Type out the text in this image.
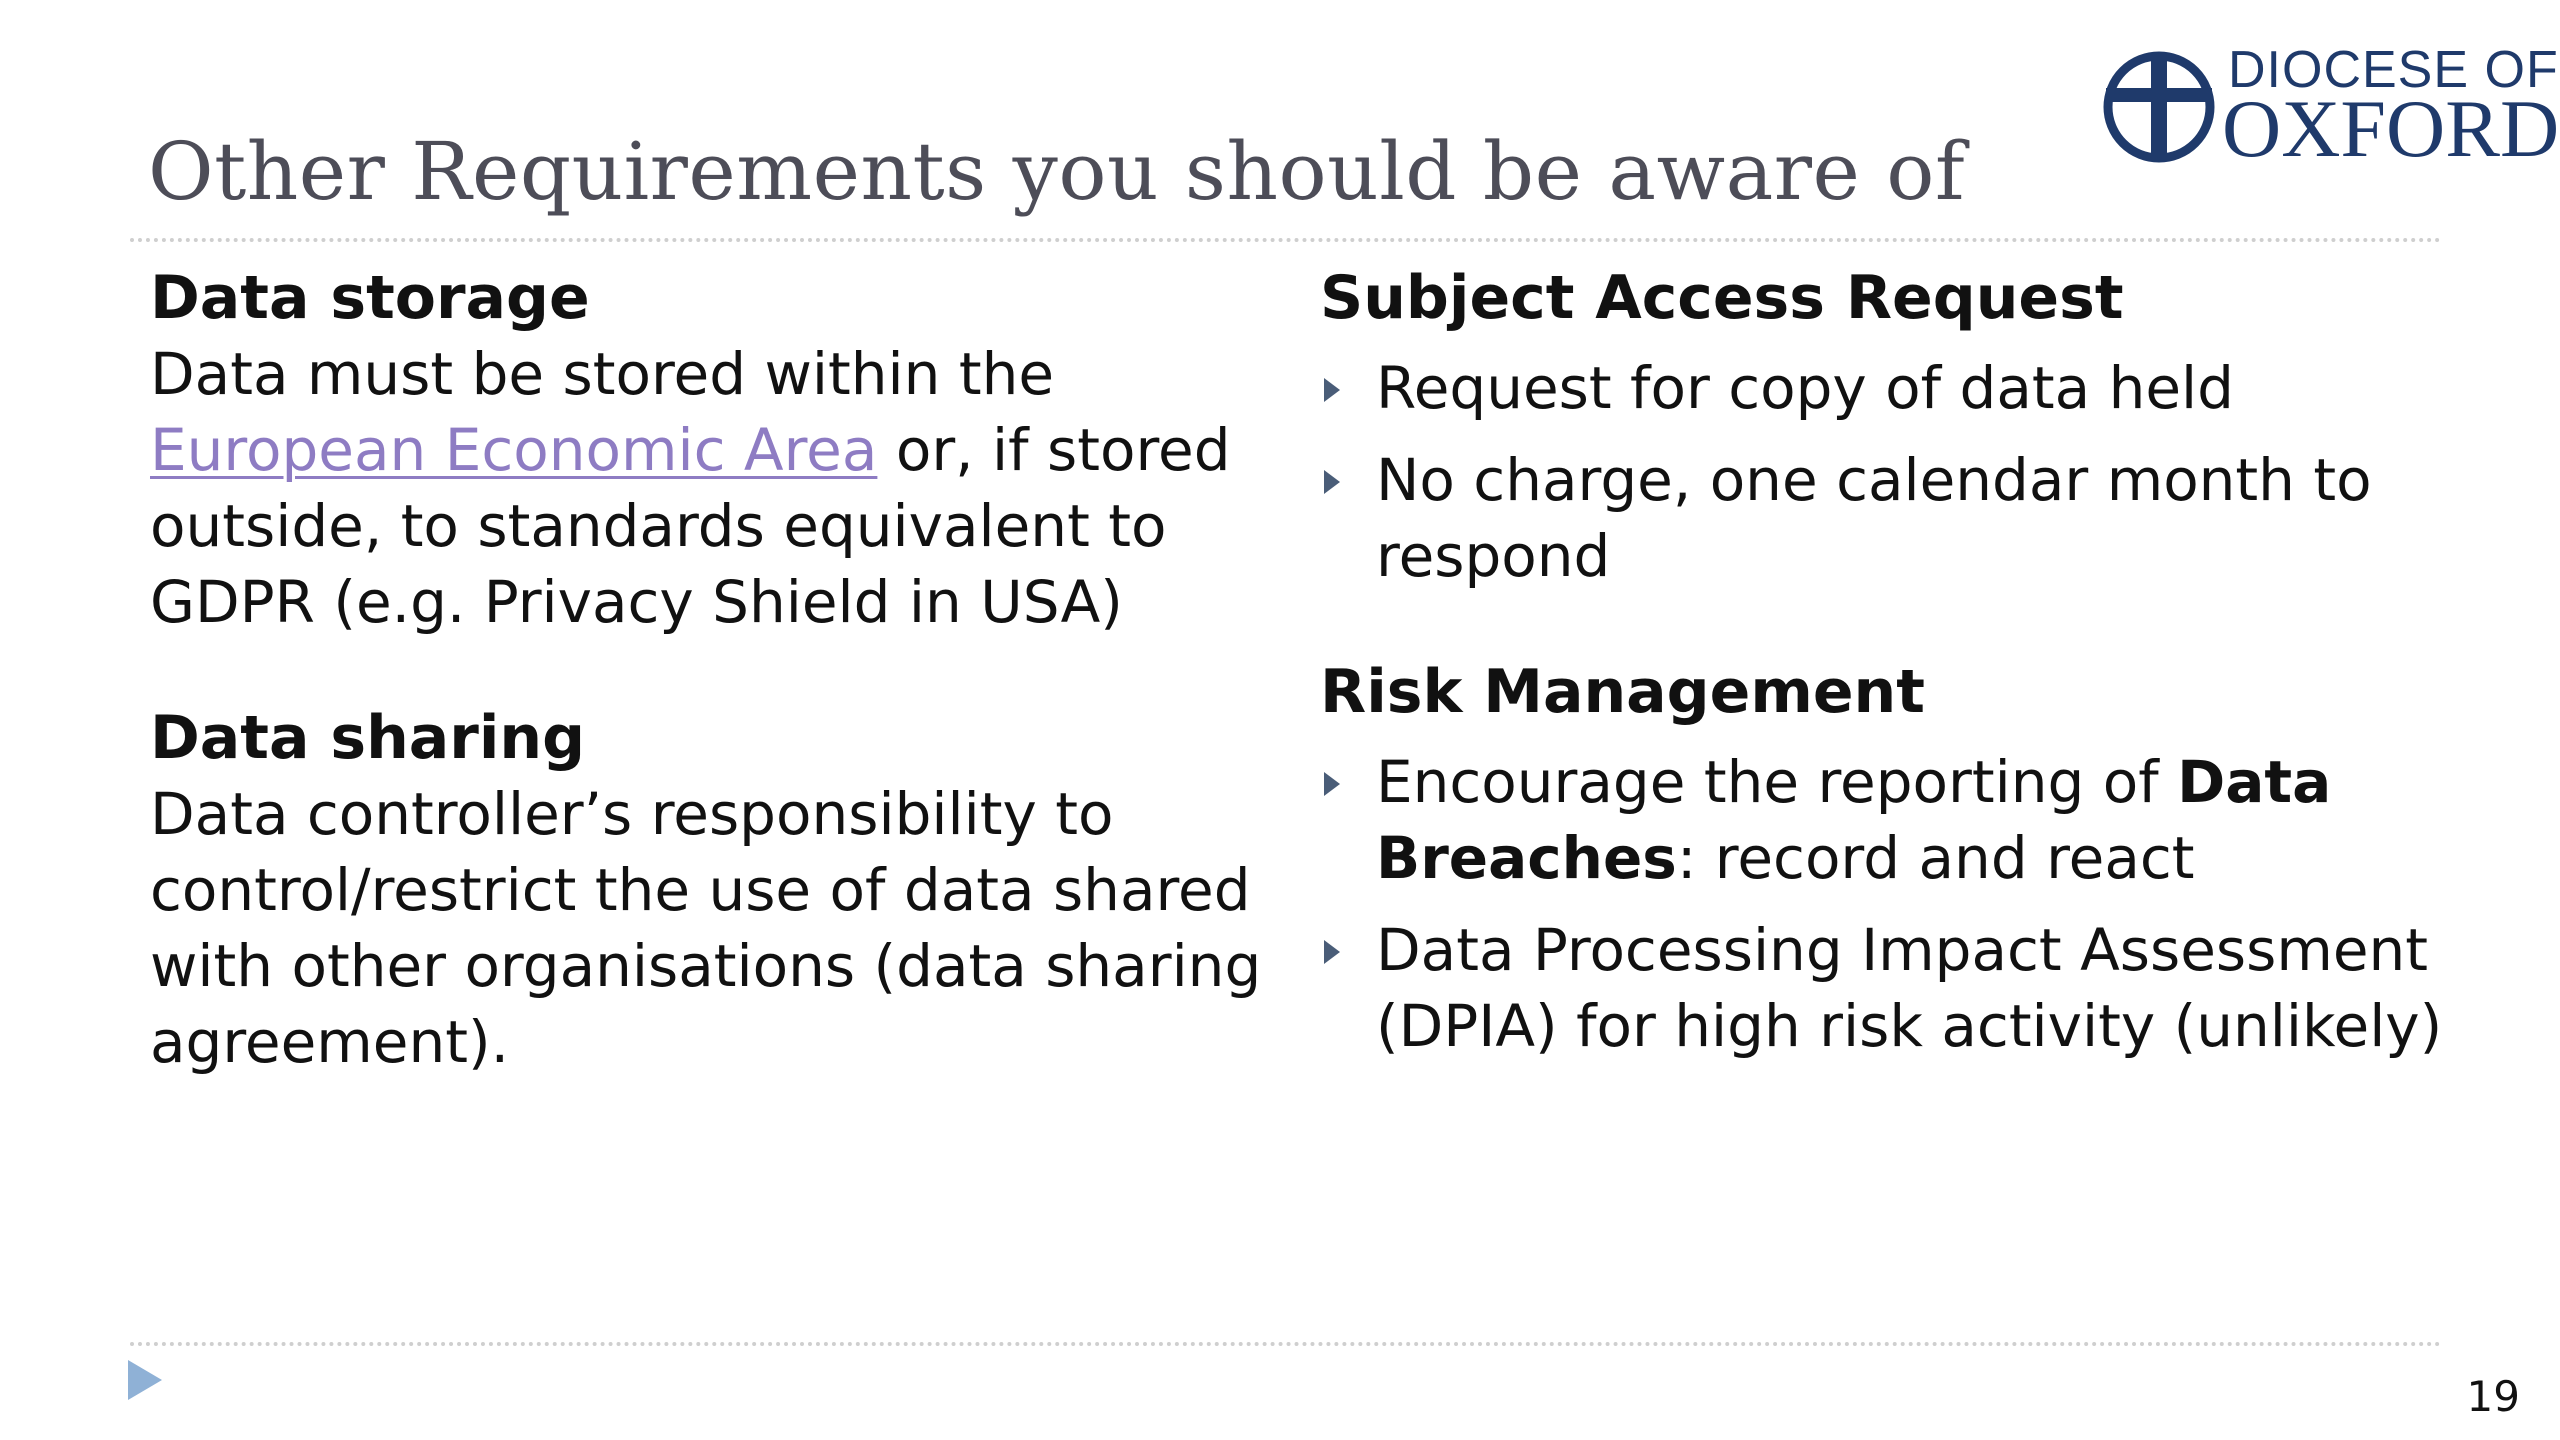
Other Requirements you should be aware of
DIOCESE OF
OXFORD
Data storage
Data must be stored within the European Economic Area or, if stored outside, to standards equivalent to GDPR (e.g. Privacy Shield in USA)
Data sharing
Data controller’s responsibility to control/restrict the use of data shared with other organisations (data sharing agreement).
Subject Access Request
Request for copy of data held
No charge, one calendar month to respond
Risk Management
Encourage the reporting of Data Breaches: record and react
Data Processing Impact Assessment (DPIA) for high risk activity (unlikely)
19
